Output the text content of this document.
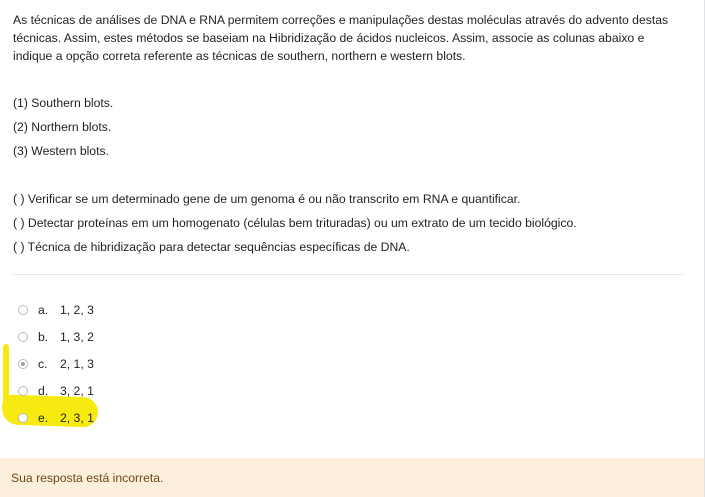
As técnicas de análises de DNA e RNA permitem correções e manipulações destas moléculas através do advento destas técnicas. Assim, estes métodos se baseiam na Hibridização de ácidos nucleicos. Assim, associe as colunas abaixo e indique a opção correta referente as técnicas de southern, northern e western blots.

(1) Southern blots.

(2) Northern blots.

(3) Western blots.

( ) Verificar se um determinado gene de um genoma é ou não transcrito em RNA e quantificar.

( ) Detectar proteínas em um homogenato (células bem trituradas) ou um extrato de um tecido biológico.

( ) Técnica de hibridização para detectar sequências específicas de DNA.

a. 1, 2, 3
b. 1, 3, 2
c.	2, 1, 3
d. 3, 2, 1
e. 2, 3, 1
Sua resposta está incorreta.
